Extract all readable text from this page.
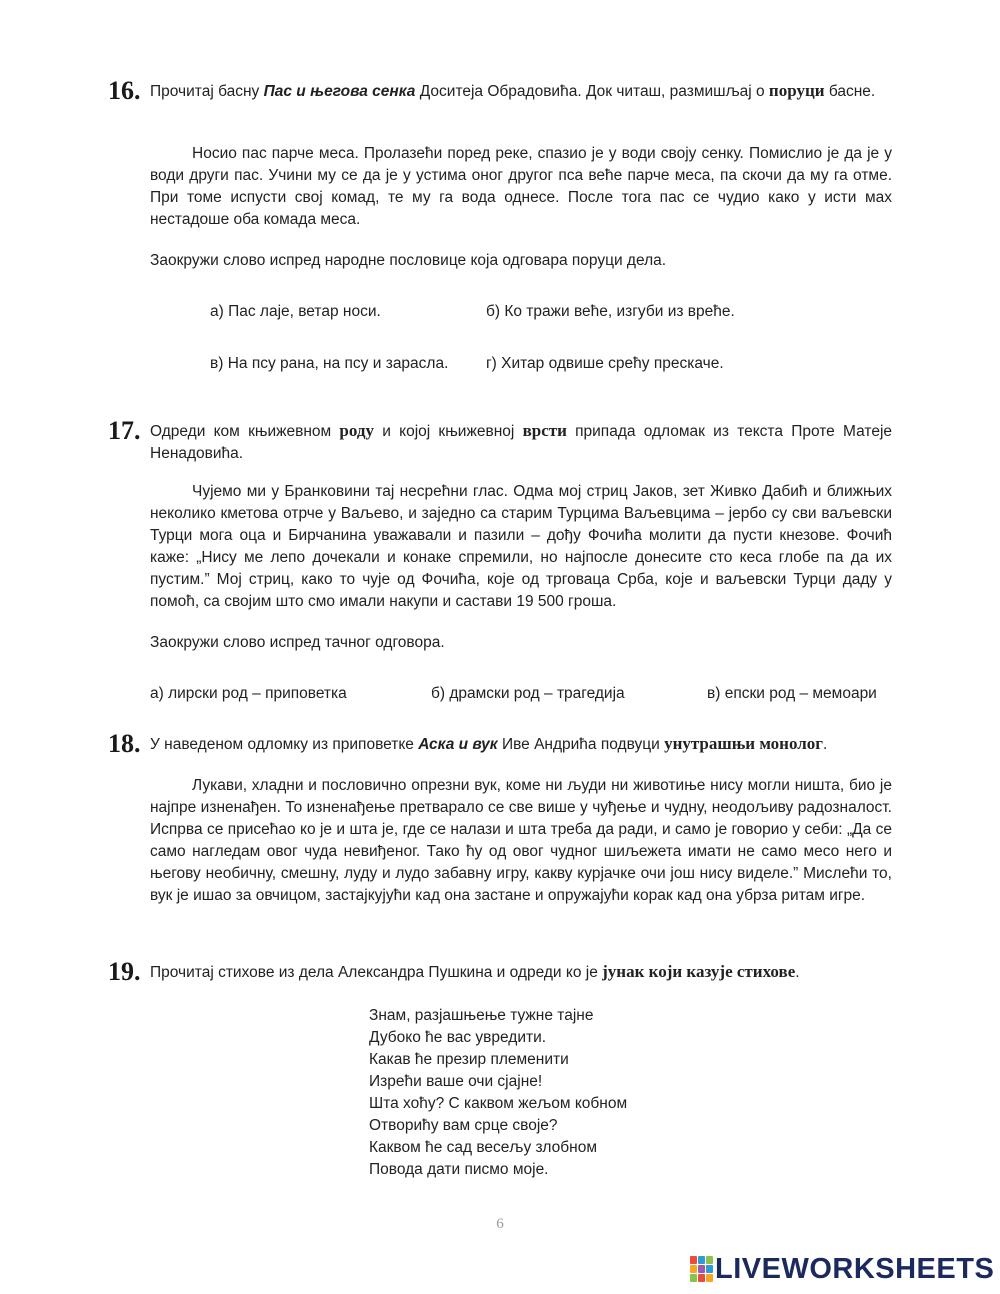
16. Прочитај басну Пас и његова сенка Доситеја Обрадовића. Док читаш, размишљај о поруци басне.
Носио пас парче меса. Пролазећи поред реке, спазио је у води своју сенку. Помислио је да је у води други пас. Учини му се да је у устима оног другог пса веће парче меса, па скочи да му га отме. При томе испусти свој комад, те му га вода однесе. После тога пас се чудио како у исти мах нестадоше оба комада меса.
Заокружи слово испред народне пословице која одговара поруци дела.
а) Пас лаје, ветар носи.	б) Ко тражи веће, изгуби из вреће.
в) На псу рана, на псу и зарасла. г) Хитар одвише срећу прескаче.
17. Одреди ком књижевном роду и којој књижевној врсти припада одломак из текста Проте Матеје Ненадовића.
Чујемо ми у Бранковини тај несрећни глас. Одма мој стриц Јаков, зет Живко Дабић и ближњих неколико кметова отрче у Ваљево, и заједно са старим Турцима Ваљевцима – јербо су сви ваљевски Турци мога оца и Бирчанина уважавали и пазили – дођу Фочића молити да пусти кнезове. Фочић каже: „Нису ме лепо дочекали и конаке спремили, но најпосле донесите сто кеса глобе па да их пустим.” Мој стриц, како то чује од Фочића, које од трговаца Срба, које и ваљевски Турци даду у помоћ, са својим што смо имали накупи и састави 19 500 гроша.
Заокружи слово испред тачног одговора.
а) лирски род – приповетка	б) драмски род – трагедија	в) епски род – мемоари
18. У наведеном одломку из приповетке Аска и вук Иве Андрића подвуци унутрашњи монолог.
Лукави, хладни и пословично опрезни вук, коме ни људи ни животиње нису могли ништа, био је најпре изненађен. То изненађење претварало се све више у чуђење и чудну, неодољиву радозналост. Испрва се присећао ко је и шта је, где се налази и шта треба да ради, и само је говорио у себи: „Да се само нагледам овог чуда невиђеног. Тако ћу од овог чудног шиљежета имати не само месо него и његову необичну, смешну, луду и лудо забавну игру, какву курјачке очи још нису виделе.” Мислећи то, вук је ишао за овчицом, застајкујући кад она застане и опружајући корак кад она убрза ритам игре.
19. Прочитај стихове из дела Александра Пушкина и одреди ко је јунак који казује стихове.
Знам, разјашњење тужне тајне
Дубоко ће вас увредити.
Какав ће презир племенити
Изрећи ваше очи сјајне!
Шта хоћу? С каквом жељом кобном
Отворићу вам срце своје?
Каквом ће сад весељу злобном
Повода дати писмо моје.
6
LIVEWORKSHEETS
